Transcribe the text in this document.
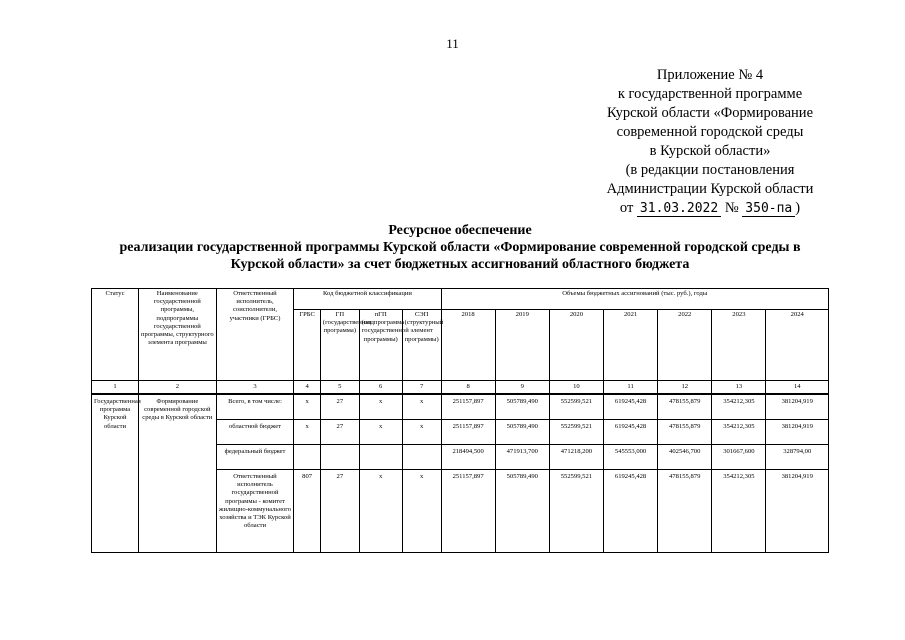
11
Приложение № 4
к государственной программе
Курской области «Формирование
современной городской среды
в Курской области»
(в редакции постановления
Администрации Курской области
от 31.03.2022 № 350-па )
Ресурсное обеспечение
реализации государственной программы Курской области «Формирование современной городской среды в
Курской области» за счет бюджетных ассигнований областного бюджета
Статус	Наименование государственной программы, подпрограммы государственной программы, структурного элемента программы	Ответственный исполнитель, соисполнители, участники (ГРБС)	Код бюджетной классификации				Объемы бюджетных ассигнований (тыс. руб.), годы						
			ГРБС	ГП (государственная программа)	пГП (подпрограмма государственной программы)	СЭП (структурный элемент программы)	2018	2019	2020	2021	2022	2023	2024
1	2	3	4	5	6	7	8	9	10	11	12	13	14
Государственная программа Курской области	Формирование современной городской среды в Курской области	Всего, в том числе:	х	27	х	х	251157,897	505789,490	552599,521	619245,428	478155,879	354212,305	381204,919
		областной бюджет	х	27	х	х	251157,897	505789,490	552599,521	619245,428	478155,879	354212,305	381204,919
		федеральный бюджет					218494,500	471913,700	471218,200	545553,000	402546,700	301667,600	328794,00
		Ответственный исполнитель государственной программы - комитет жилищно-коммунального хозяйства и ТЭК Курской области	807	27	х	х	251157,897	505789,490	552599,521	619245,428	478155,879	354212,305	381204,919
